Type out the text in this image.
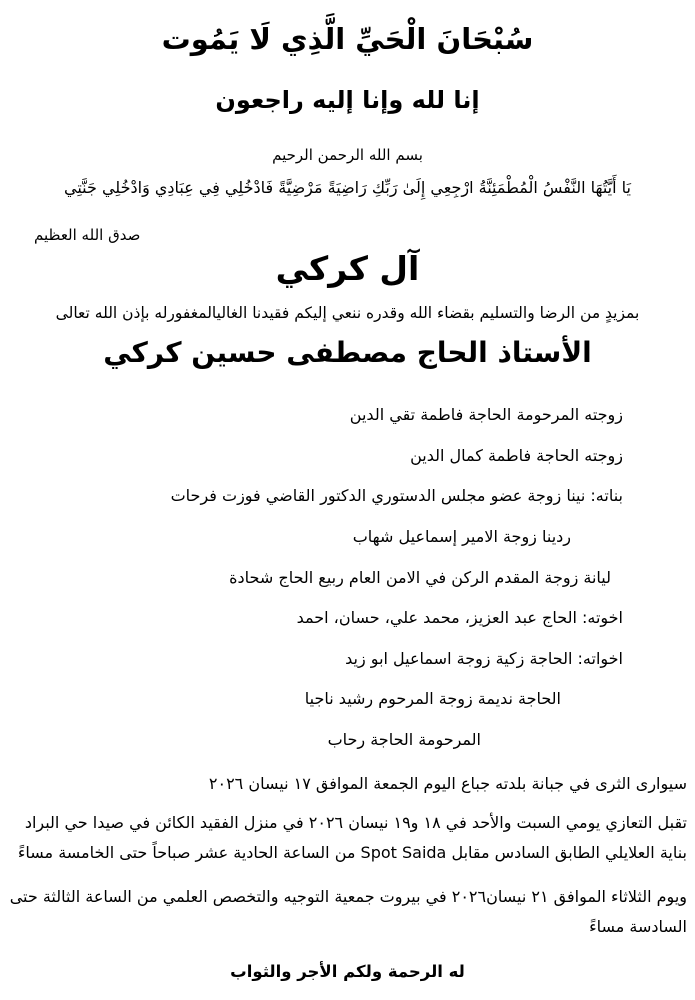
سُبْحَانَ الْحَيِّ الَّذِي لَا يَمُوت

إنا لله وإنا إليه راجعون

بسم الله الرحمن الرحيم

يَا أَيَّتُهَا النَّفْسُ الْمُطْمَئِنَّةُ ارْجِعِي إِلَىٰ رَبِّكِ رَاضِيَةً مَرْضِيَّةً فَادْخُلِي فِي عِبَادِي وَادْخُلِي جَنَّتِي

صدق الله العظيم

آل كركي

بمزيدٍ من الرضا والتسليم بقضاء الله وقدره ننعي إليكم فقيدنا الغاليالمغفورله بإذن الله تعالى

الأستاذ الحاج مصطفى حسين كركي

زوجته المرحومة الحاجة فاطمة تقي الدين

زوجته الحاجة فاطمة كمال الدين

بناته: نينا زوجة عضو مجلس الدستوري الدكتور القاضي فوزت فرحات

ردينا زوجة الامير إسماعيل شهاب

ليانة زوجة المقدم الركن في الامن العام ربيع الحاج شحادة

اخوته: الحاج عبد العزيز، محمد علي، حسان، احمد

اخواته: الحاجة زكية زوجة اسماعيل ابو زيد

الحاجة نديمة زوجة المرحوم رشيد ناجيا

المرحومة الحاجة رحاب

سيوارى الثرى في جبانة بلدته جباع اليوم الجمعة الموافق ١٧ نيسان ٢٠٢٦

تقبل التعازي يومي السبت والأحد في ١٨ و١٩ نيسان ٢٠٢٦ في منزل الفقيد الكائن في صيدا حي البراد بناية العلايلي الطابق السادس مقابل Spot Saida من الساعة الحادية عشر صباحاً حتى الخامسة مساءً

ويوم الثلاثاء الموافق ٢١ نيسان٢٠٢٦ في بيروت جمعية التوجيه والتخصص العلمي من الساعة الثالثة حتى السادسة مساءً

له الرحمة ولكم الأجر والثواب
